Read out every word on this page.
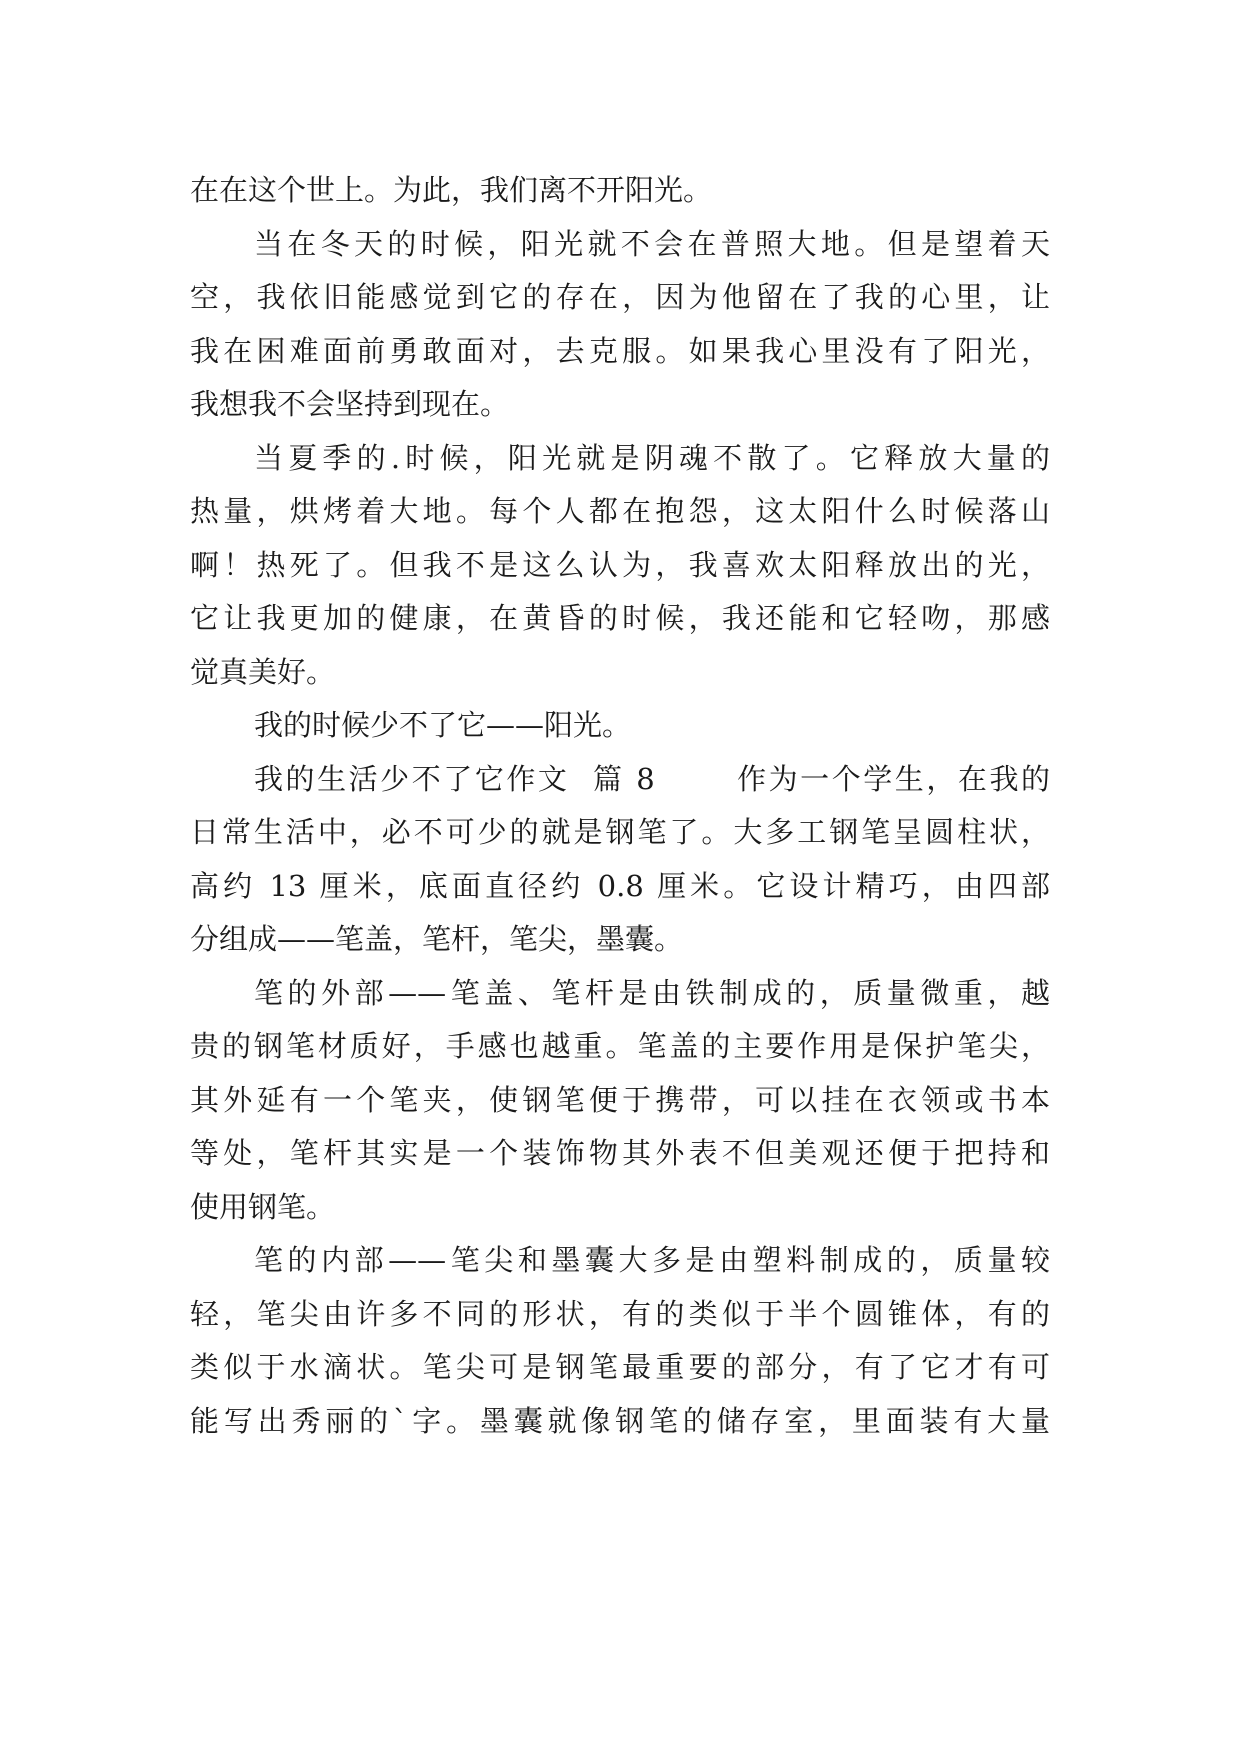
在在这个世上。为此，我们离不开阳光。
当在冬天的时候，阳光就不会在普照大地。但是望着天
空，我依旧能感觉到它的存在，因为他留在了我的心里，让
我在困难面前勇敢面对，去克服。如果我心里没有了阳光，
我想我不会坚持到现在。
当夏季的.时候，阳光就是阴魂不散了。它释放大量的
热量，烘烤着大地。每个人都在抱怨，这太阳什么时候落山
啊！热死了。但我不是这么认为，我喜欢太阳释放出的光，
它让我更加的健康，在黄昏的时候，我还能和它轻吻，那感
觉真美好。
我的时候少不了它——阳光。
我的生活少不了它作文  篇 8       作为一个学生，在我的
日常生活中，必不可少的就是钢笔了。大多工钢笔呈圆柱状，
高约 13 厘米，底面直径约 0.8 厘米。它设计精巧，由四部
分组成——笔盖，笔杆，笔尖，墨囊。
笔的外部——笔盖、笔杆是由铁制成的，质量微重，越
贵的钢笔材质好，手感也越重。笔盖的主要作用是保护笔尖，
其外延有一个笔夹，使钢笔便于携带，可以挂在衣领或书本
等处，笔杆其实是一个装饰物其外表不但美观还便于把持和
使用钢笔。
笔的内部——笔尖和墨囊大多是由塑料制成的，质量较
轻，笔尖由许多不同的形状，有的类似于半个圆锥体，有的
类似于水滴状。笔尖可是钢笔最重要的部分，有了它才有可
能写出秀丽的`字。墨囊就像钢笔的储存室，里面装有大量
